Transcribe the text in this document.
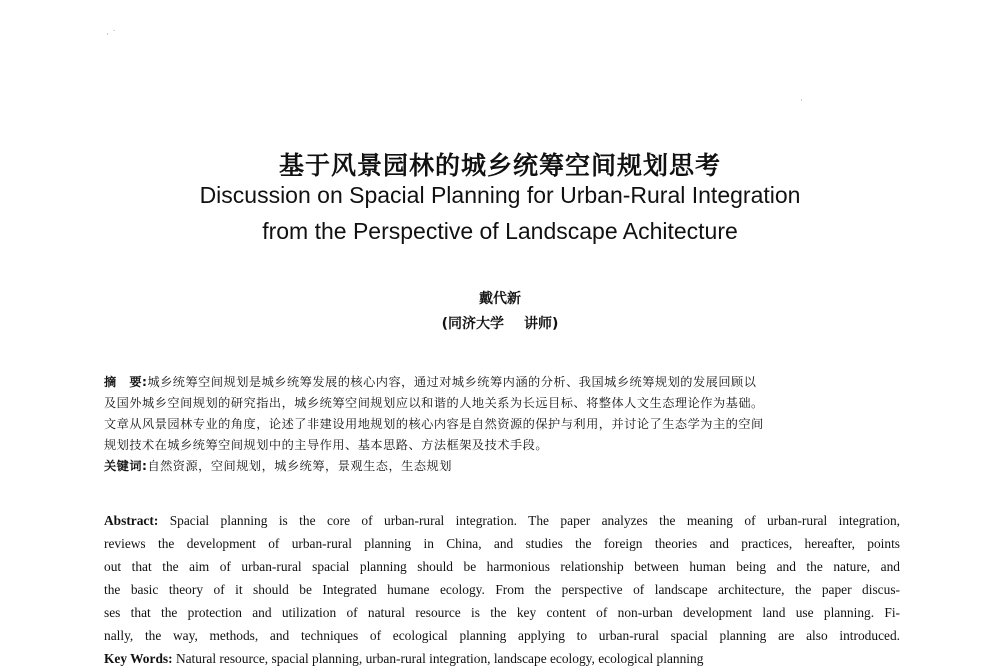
· ˙
·
基于风景园林的城乡统筹空间规划思考
Discussion on Spacial Planning for Urban-Rural Integration
from the Perspective of Landscape Achitecture
戴代新
(同济大学 讲师)
摘　要:城乡统筹空间规划是城乡统筹发展的核心内容，通过对城乡统筹内涵的分析、我国城乡统筹规划的发展回顾以
及国外城乡空间规划的研究指出，城乡统筹空间规划应以和谐的人地关系为长远目标、将整体人文生态理论作为基础。
文章从风景园林专业的角度，论述了非建设用地规划的核心内容是自然资源的保护与利用，并讨论了生态学为主的空间
规划技术在城乡统筹空间规划中的主导作用、基本思路、方法框架及技术手段。
关键词:自然资源，空间规划，城乡统筹，景观生态，生态规划
Abstract: Spacial planning is the core of urban-rural integration. The paper analyzes the meaning of urban-rural integration,
reviews the development of urban-rural planning in China, and studies the foreign theories and practices, hereafter, points
out that the aim of urban-rural spacial planning should be harmonious relationship between human being and the nature, and
the basic theory of it should be Integrated humane ecology. From the perspective of landscape architecture, the paper discus-
ses that the protection and utilization of natural resource is the key content of non-urban development land use planning. Fi-
nally, the way, methods, and techniques of ecological planning applying to urban-rural spacial planning are also introduced.
Key Words: Natural resource, spacial planning, urban-rural integration, landscape ecology, ecological planning
